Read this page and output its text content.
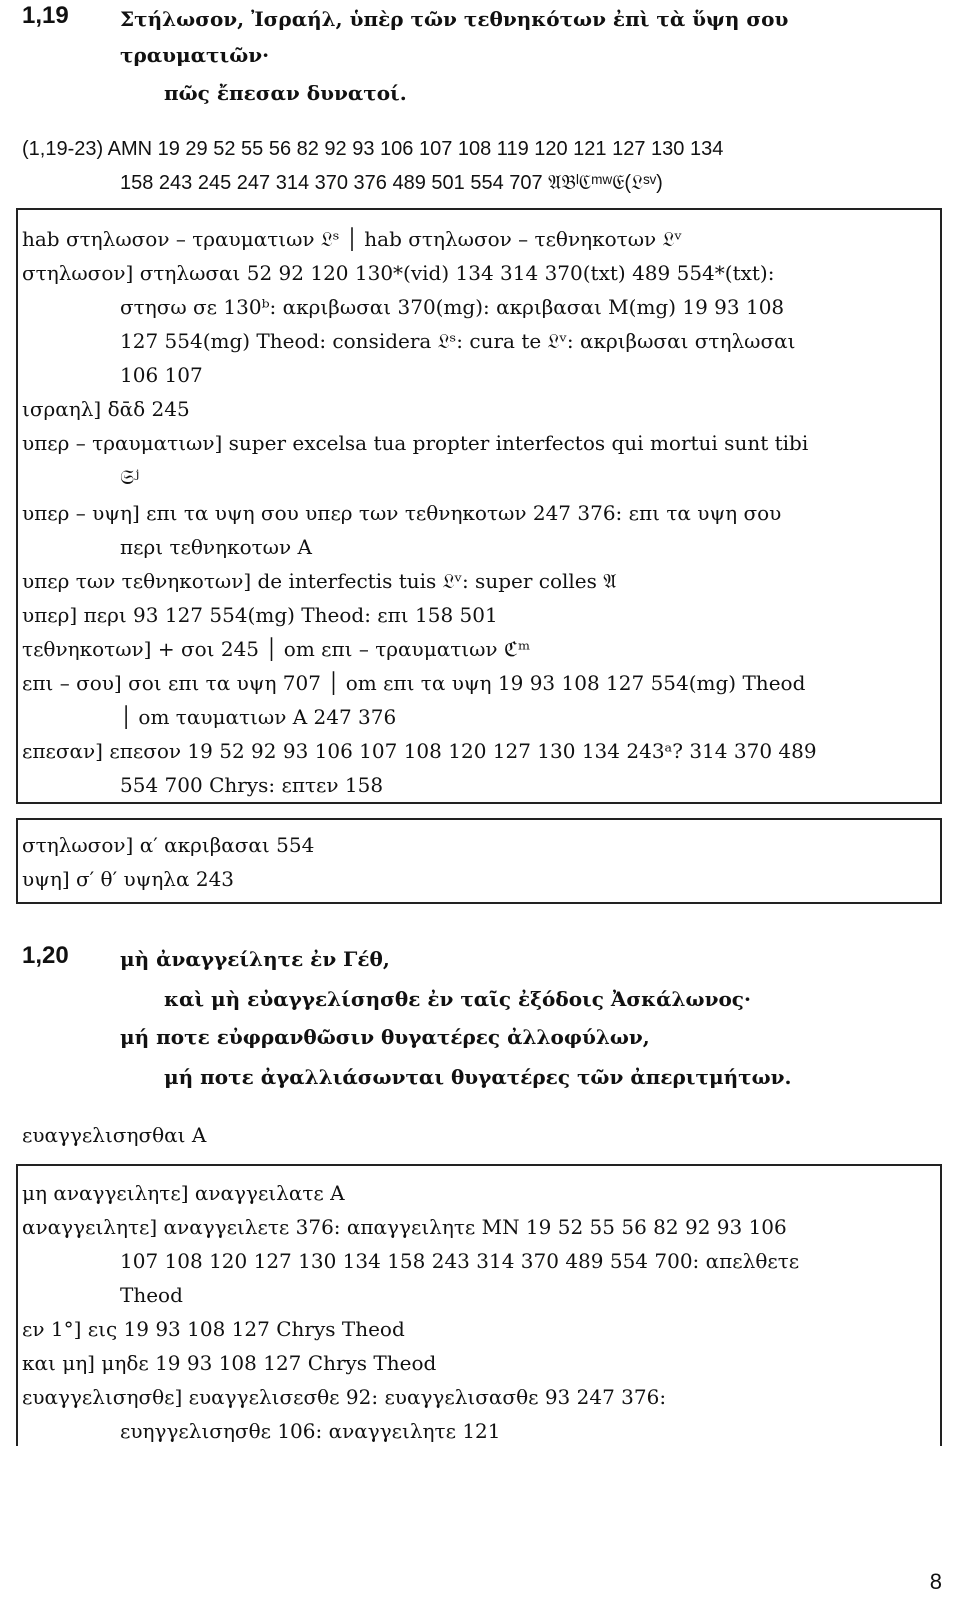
1,19	Στήλωσον, Ἰσραήλ, ὑπὲρ τῶν τεθνηκότων ἐπὶ τὰ ὕψη σου
τραυματιῶν·
πῶς ἔπεσαν δυνατοί.
(1,19-23) AMN 19 29 52 55 56 82 92 93 106 107 108 119 120 121 127 130 134
158 243 245 247 314 370 376 489 501 554 707 𝔄𝔅ˡℭᵐʷ𝔈(𝔏ˢᵛ)
hab στηλωσον – τραυματιων 𝔏ˢ │ hab στηλωσον – τεθνηκοτων 𝔏ᵛ
στηλωσον] στηλωσαι 52 92 120 130*(vid) 134 314 370(txt) 489 554*(txt):
στησω σε 130ᵇ: ακριβωσαι 370(mg): ακριβασαι M(mg) 19 93 108
127 554(mg) Theod: considera 𝔏ˢ: cura te 𝔏ᵛ: ακριβωσαι στηλωσαι
106 107
ισραηλ] δ̄ᾱδ 245
υπερ – τραυματιων] super excelsa tua propter interfectos qui mortui sunt tibi
𝔖ʲ
υπερ – υψη] επι τα υψη σου υπερ των τεθνηκοτων 247 376: επι τα υψη σου
περι τεθνηκοτων A
υπερ των τεθνηκοτων] de interfectis tuis 𝔏ᵛ: super colles 𝔄
υπερ] περι 93 127 554(mg) Theod: επι 158 501
τεθνηκοτων] + σοι 245 │ om επι – τραυματιων ℭᵐ
επι – σου] σοι επι τα υψη 707 │ om επι τα υψη 19 93 108 127 554(mg) Theod
│ om ταυματιων A 247 376
επεσαν] επεσον 19 52 92 93 106 107 108 120 127 130 134 243ᵃ? 314 370 489
554 700 Chrys: επτεν 158
στηλωσον] α′ ακριβασαι 554
υψη] σ′ θ′ υψηλα 243
1,20	μὴ ἀναγγείλητε ἐν Γέθ,
καὶ μὴ εὐαγγελίσησθε ἐν ταῖς ἐξόδοις Ἀσκάλωνος·
μή ποτε εὐφρανθῶσιν θυγατέρες ἀλλοφύλων,
μή ποτε ἀγαλλιάσωνται θυγατέρες τῶν ἀπεριτμήτων.
ευαγγελισησθαι A
μη αναγγειλητε] αναγγειλατε A
αναγγειλητε] αναγγειλετε 376: απαγγειλητε MN 19 52 55 56 82 92 93 106
107 108 120 127 130 134 158 243 314 370 489 554 700: απελθετε
Theod
εν 1°] εις 19 93 108 127 Chrys Theod
και μη] μηδε 19 93 108 127 Chrys Theod
ευαγγελισησθε] ευαγγελισεσθε 92: ευαγγελισασθε 93 247 376:
ευηγγελισησθε 106: αναγγειλητε 121
8
